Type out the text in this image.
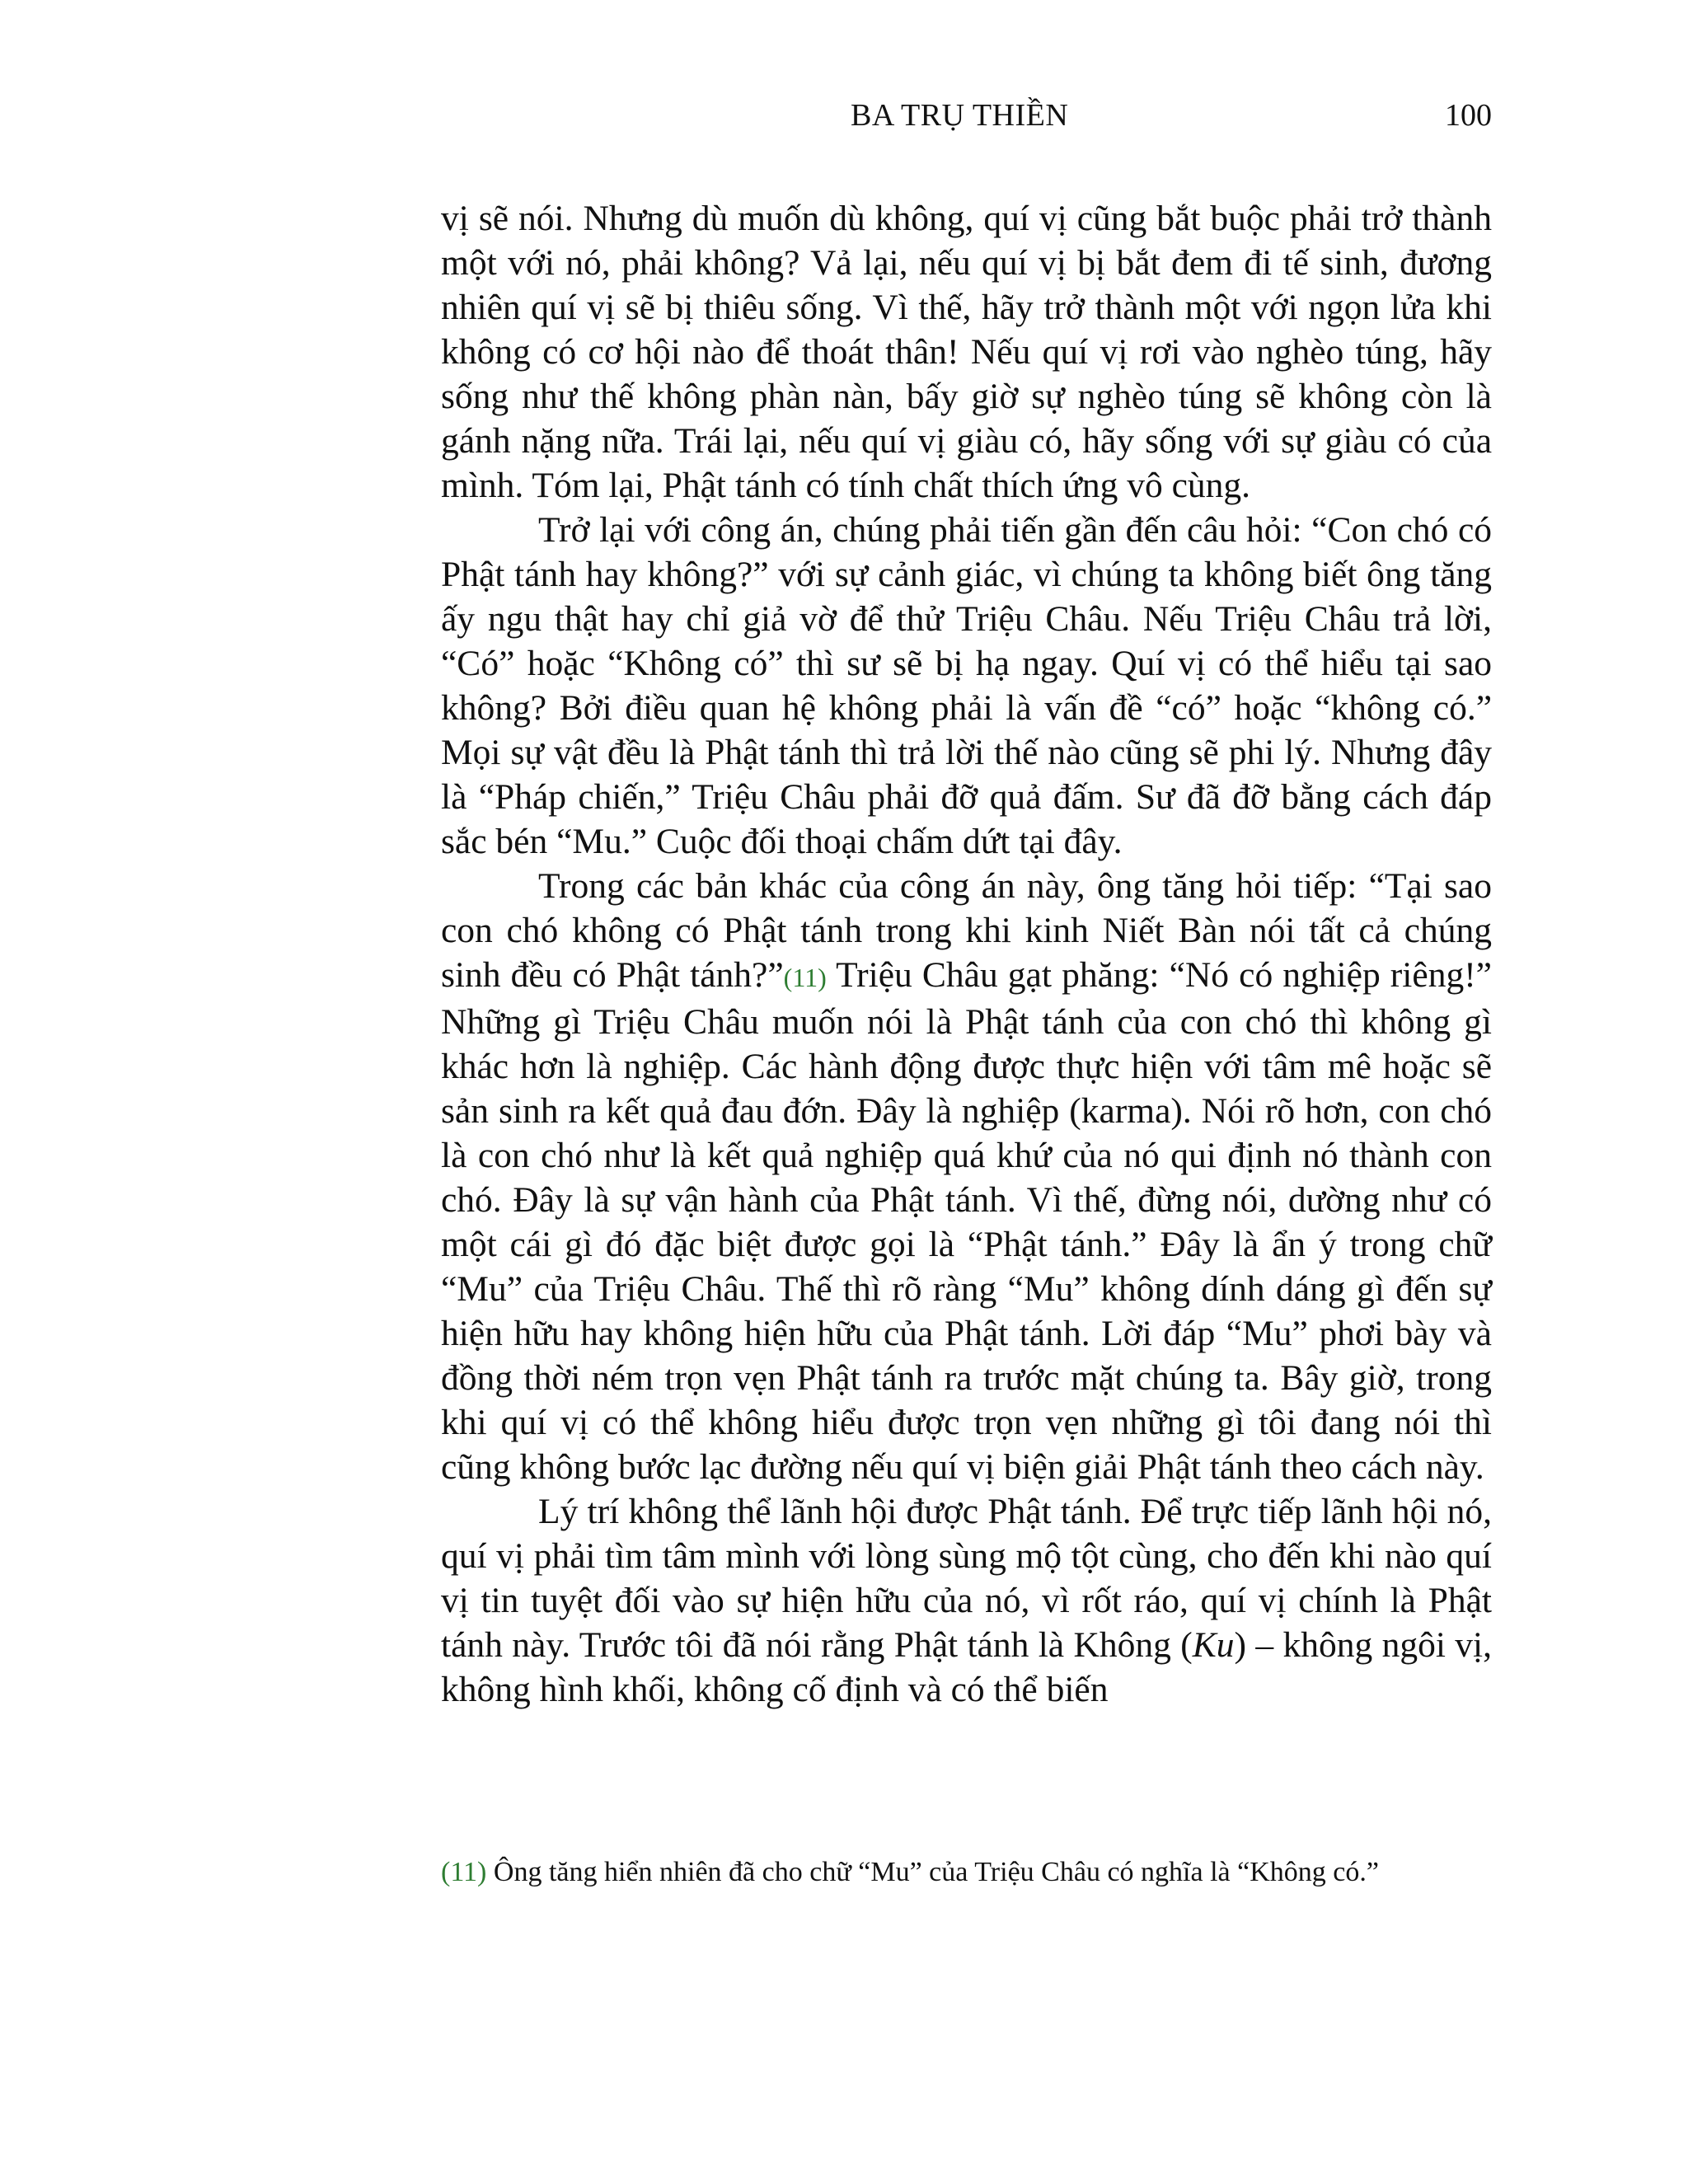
BA TRỤ THIỀN	100

vị sẽ nói. Nhưng dù muốn dù không, quí vị cũng bắt buộc phải trở thành một với nó, phải không? Vả lại, nếu quí vị bị bắt đem đi tế sinh, đương nhiên quí vị sẽ bị thiêu sống. Vì thế, hãy trở thành một với ngọn lửa khi không có cơ hội nào để thoát thân! Nếu quí vị rơi vào nghèo túng, hãy sống như thế không phàn nàn, bấy giờ sự nghèo túng sẽ không còn là gánh nặng nữa. Trái lại, nếu quí vị giàu có, hãy sống với sự giàu có của mình. Tóm lại, Phật tánh có tính chất thích ứng vô cùng.

Trở lại với công án, chúng phải tiến gần đến câu hỏi: “Con chó có Phật tánh hay không?” với sự cảnh giác, vì chúng ta không biết ông tăng ấy ngu thật hay chỉ giả vờ để thử Triệu Châu. Nếu Triệu Châu trả lời, “Có” hoặc “Không có” thì sư sẽ bị hạ ngay. Quí vị có thể hiểu tại sao không? Bởi điều quan hệ không phải là vấn đề “có” hoặc “không có.” Mọi sự vật đều là Phật tánh thì trả lời thế nào cũng sẽ phi lý. Nhưng đây là “Pháp chiến,” Triệu Châu phải đỡ quả đấm. Sư đã đỡ bằng cách đáp sắc bén “Mu.” Cuộc đối thoại chấm dứt tại đây.

Trong các bản khác của công án này, ông tăng hỏi tiếp: “Tại sao con chó không có Phật tánh trong khi kinh Niết Bàn nói tất cả chúng sinh đều có Phật tánh?”(11) Triệu Châu gạt phăng: “Nó có nghiệp riêng!” Những gì Triệu Châu muốn nói là Phật tánh của con chó thì không gì khác hơn là nghiệp. Các hành động được thực hiện với tâm mê hoặc sẽ sản sinh ra kết quả đau đớn. Đây là nghiệp (karma). Nói rõ hơn, con chó là con chó như là kết quả nghiệp quá khứ của nó qui định nó thành con chó. Đây là sự vận hành của Phật tánh. Vì thế, đừng nói, dường như có một cái gì đó đặc biệt được gọi là “Phật tánh.” Đây là ẩn ý trong chữ “Mu” của Triệu Châu. Thế thì rõ ràng “Mu” không dính dáng gì đến sự hiện hữu hay không hiện hữu của Phật tánh. Lời đáp “Mu” phơi bày và đồng thời ném trọn vẹn Phật tánh ra trước mặt chúng ta. Bây giờ, trong khi quí vị có thể không hiểu được trọn vẹn những gì tôi đang nói thì cũng không bước lạc đường nếu quí vị biện giải Phật tánh theo cách này.

Lý trí không thể lãnh hội được Phật tánh. Để trực tiếp lãnh hội nó, quí vị phải tìm tâm mình với lòng sùng mộ tột cùng, cho đến khi nào quí vị tin tuyệt đối vào sự hiện hữu của nó, vì rốt ráo, quí vị chính là Phật tánh này. Trước tôi đã nói rằng Phật tánh là Không (Ku) – không ngôi vị, không hình khối, không cố định và có thể biến

(11) Ông tăng hiển nhiên đã cho chữ “Mu” của Triệu Châu có nghĩa là “Không có.”
